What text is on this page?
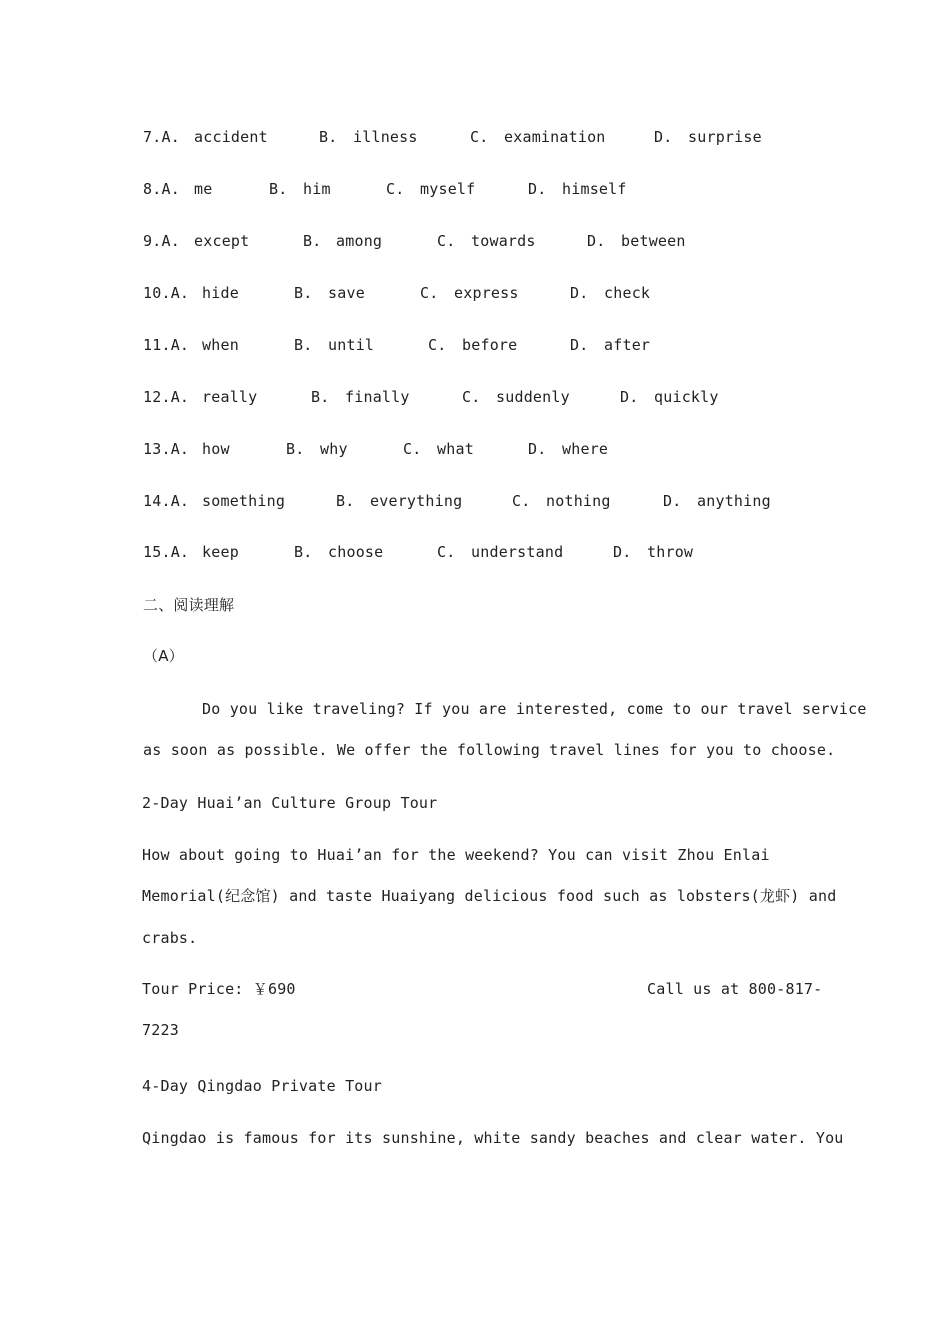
7.A. accident	B. illness	C. examination	D. surprise
8.A. me	B. him	C. myself	D. himself
9.A. except	B. among	C. towards	D. between
10.A. hide	B. save	C. express	D. check
11.A. when	B. until	C. before	D. after
12.A. really	B. finally	C. suddenly	D. quickly
13.A. how	B. why	C. what	D. where
14.A. something	B. everything	C. nothing	D. anything
15.A. keep	B. choose	C. understand	D. throw
二、阅读理解
（A）
Do you like traveling? If you are interested, come to our travel service
as soon as possible. We offer the following travel lines for you to choose.
2-Day Huai’an Culture Group Tour
How about going to Huai’an for the weekend? You can visit Zhou Enlai
Memorial(纪念馆) and taste Huaiyang delicious food such as lobsters(龙虾) and
crabs.
Tour Price: ￥690	Call us at 800-817-
7223
4-Day Qingdao Private Tour
Qingdao is famous for its sunshine, white sandy beaches and clear water. You
